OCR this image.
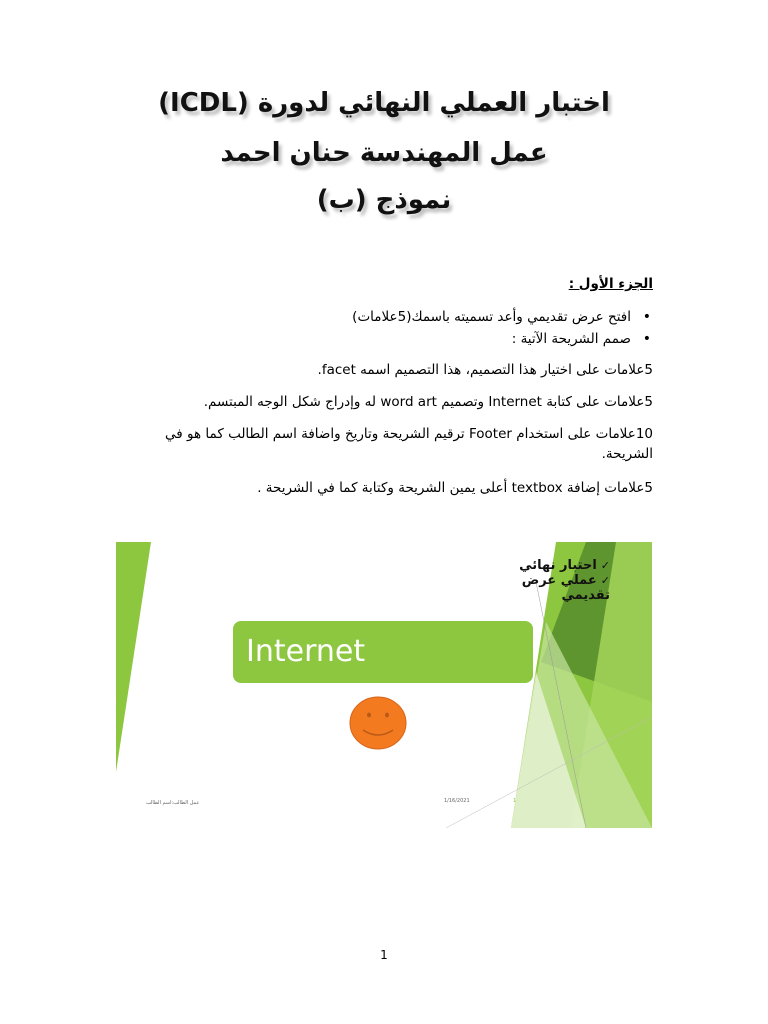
اختبار العملي النهائي لدورة (ICDL)
عمل المهندسة حنان احمد
نموذج (ب)
الجزء الأول :
• افتح عرض تقديمي وأعد تسميته باسمك(5علامات)
• صمم الشريحة الآتية :
5علامات على اختيار هذا التصميم، هذا التصميم اسمه facet.
5علامات على كتابة Internet وتصميم word art له وإدراج شكل الوجه المبتسم.
10علامات على استخدام Footer ترقيم الشريحة وتاريخ واضافة اسم الطالب كما هو في الشريحة.
5علامات إضافة textbox أعلى يمين الشريحة وكتابة كما في الشريحة .
✓احتبار نهائي
✓عملي عرض
تقديمي
Internet
عمل الطالب:اسم الطالب	1/16/2021	1
1
